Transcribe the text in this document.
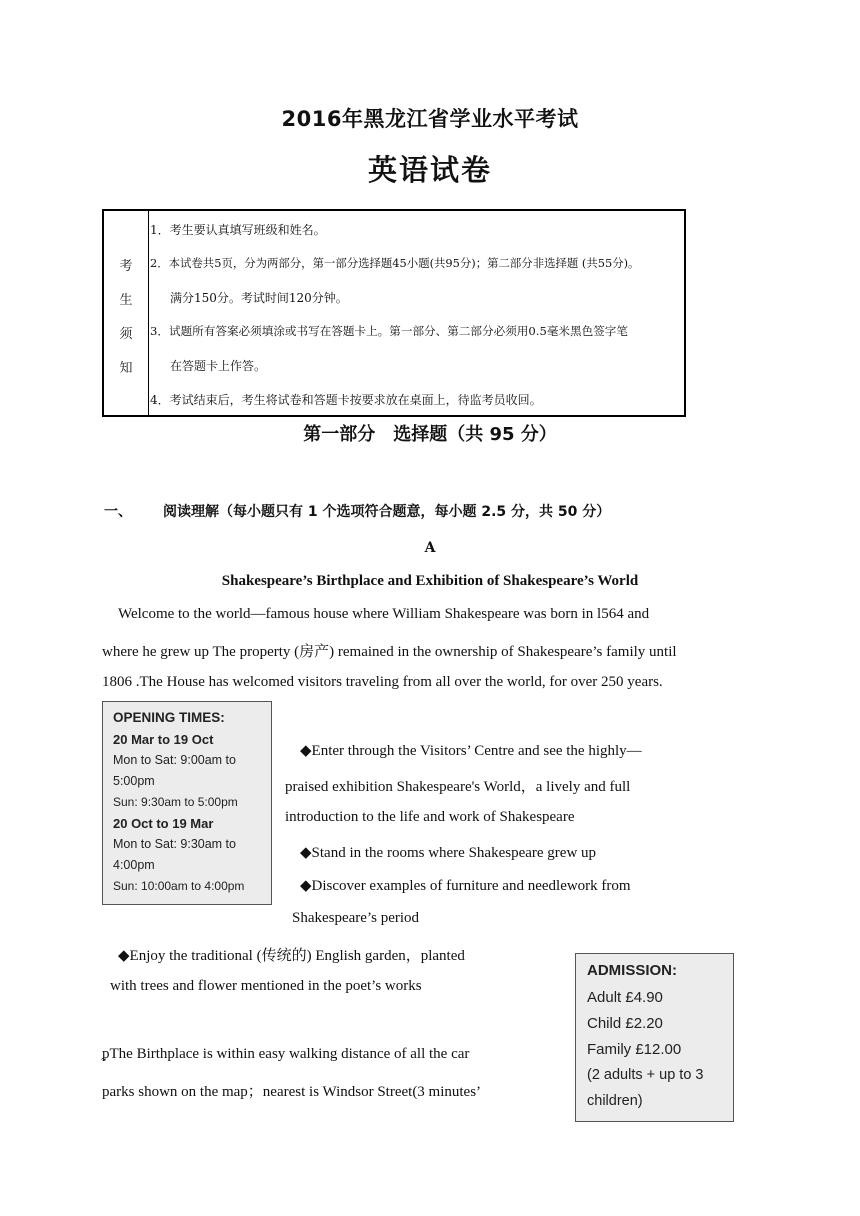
2016年黑龙江省学业水平考试
英语试卷
考
生
须
知
1．考生要认真填写班级和姓名。
2．本试卷共5页，分为两部分，第一部分选择题45小题(共95分)；第二部分非选择题 (共55分)。
满分150分。考试时间120分钟。
3．试题所有答案必须填涂或书写在答题卡上。第一部分、第二部分必须用0.5毫米黑色签字笔
在答题卡上作答。
4．考试结束后，考生将试卷和答题卡按要求放在桌面上，待监考员收回。
第一部分　选择题（共 95 分）
一、 阅读理解（每小题只有 1 个选项符合题意，每小题 2.5 分，共 50 分）
A
Shakespeare’s Birthplace and Exhibition of Shakespeare’s World
Welcome to the world—famous house where William Shakespeare was born in l564 and
where he grew up The property (房产) remained in the ownership of Shakespeare’s family until
1806 .The House has welcomed visitors traveling from all over the world, for over 250 years.
OPENING TIMES:
20 Mar to 19 Oct
Mon to Sat: 9:00am to
5:00pm
Sun: 9:30am to 5:00pm
20 Oct to 19 Mar
Mon to Sat: 9:30am to
4:00pm
Sun: 10:00am to 4:00pm
◆Enter through the Visitors’ Centre and see the highly—
praised exhibition Shakespeare's World，a lively and full
introduction to the life and work of Shakespeare
◆Stand in the rooms where Shakespeare grew up
◆Discover examples of furniture and needlework from
Shakespeare’s period
◆Enjoy the traditional (传统的) English garden，planted
with trees and flower mentioned in the poet’s works
ᵱThe Birthplace is within easy walking distance of all the car
parks shown on the map；nearest is Windsor Street(3 minutes’
ADMISSION:
Adult £4.90
Child £2.20
Family £12.00
(2 adults + up to 3
children)
